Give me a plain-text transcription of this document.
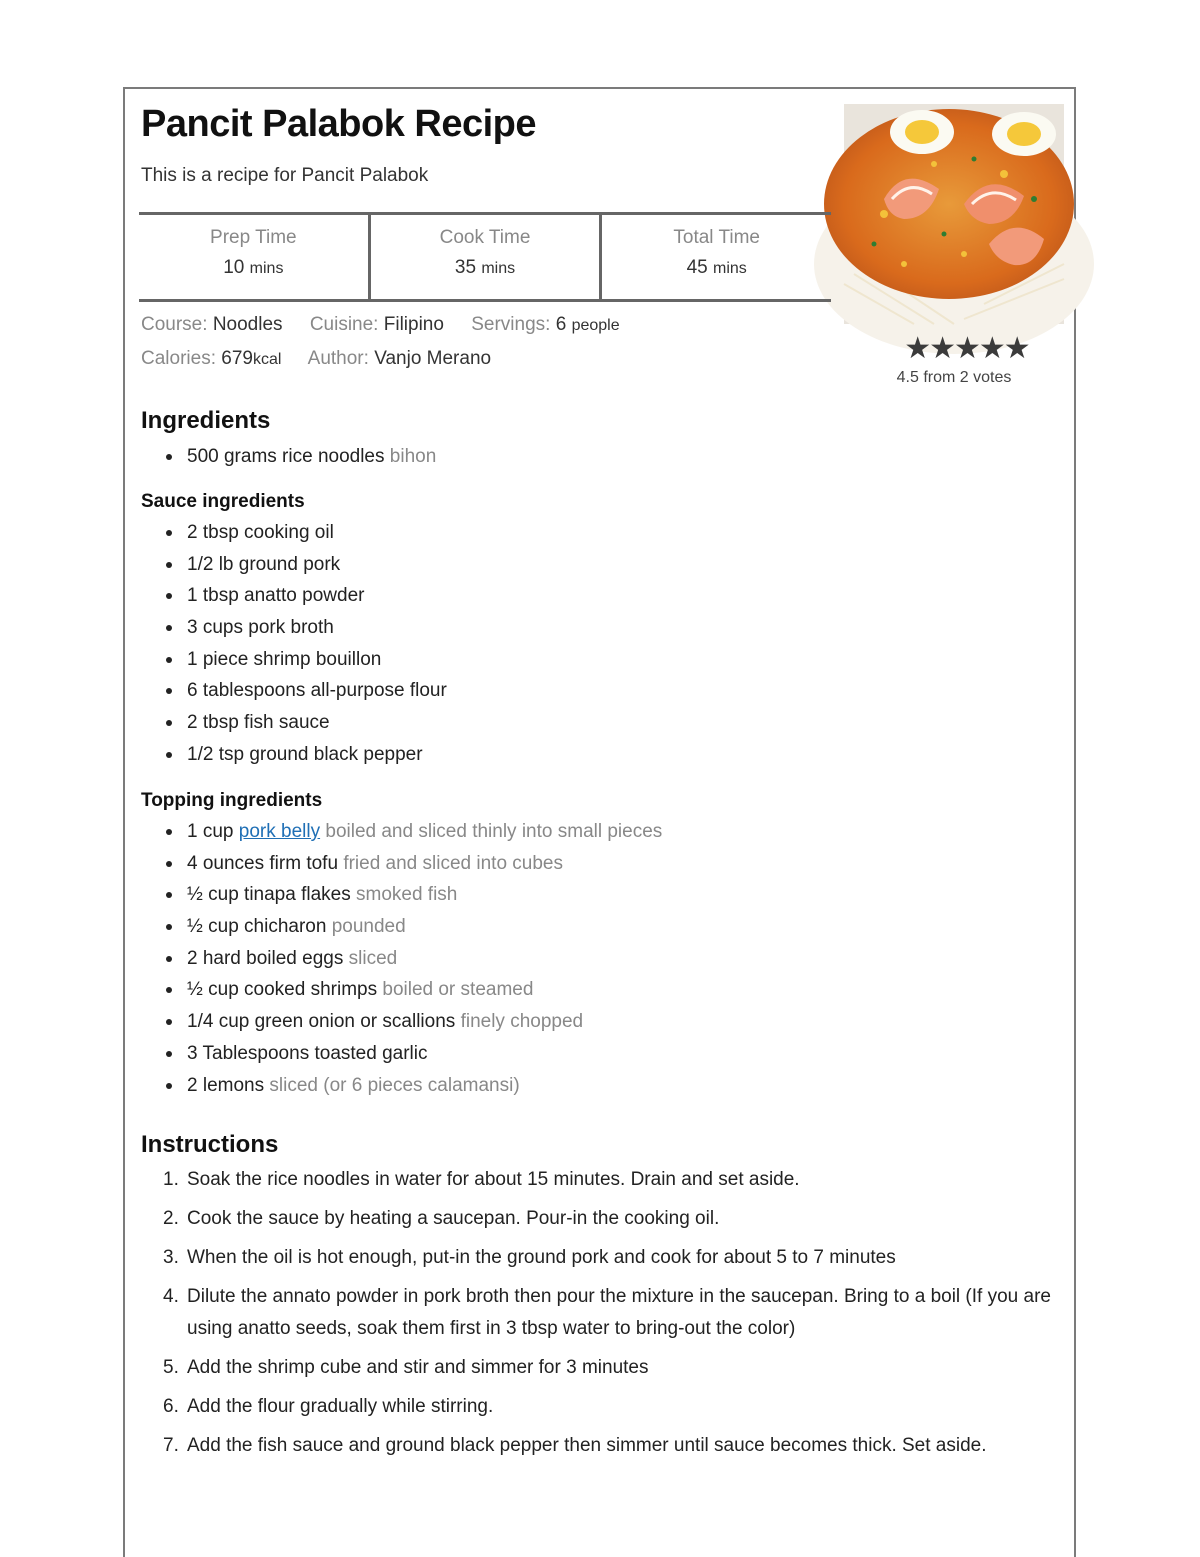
Pancit Palabok Recipe
This is a recipe for Pancit Palabok
★★★★★
4.5 from 2 votes
Prep Time
10 mins
Cook Time
35 mins
Total Time
45 mins
Course: Noodles Cuisine: Filipino Servings: 6 people
Calories: 679kcal Author: Vanjo Merano
Ingredients
500 grams rice noodles bihon
Sauce ingredients
2 tbsp cooking oil
1/2 lb ground pork
1 tbsp anatto powder
3 cups pork broth
1 piece shrimp bouillon
6 tablespoons all-purpose flour
2 tbsp fish sauce
1/2 tsp ground black pepper
Topping ingredients
1 cup pork belly boiled and sliced thinly into small pieces
4 ounces firm tofu fried and sliced into cubes
½ cup tinapa flakes smoked fish
½ cup chicharon pounded
2 hard boiled eggs sliced
½ cup cooked shrimps boiled or steamed
1/4 cup green onion or scallions finely chopped
3 Tablespoons toasted garlic
2 lemons sliced (or 6 pieces calamansi)
Instructions
1. Soak the rice noodles in water for about 15 minutes. Drain and set aside.
2. Cook the sauce by heating a saucepan. Pour-in the cooking oil.
3. When the oil is hot enough, put-in the ground pork and cook for about 5 to 7 minutes
4. Dilute the annato powder in pork broth then pour the mixture in the saucepan. Bring to a boil (If you are using anatto seeds, soak them first in 3 tbsp water to bring-out the color)
5. Add the shrimp cube and stir and simmer for 3 minutes
6. Add the flour gradually while stirring.
7. Add the fish sauce and ground black pepper then simmer until sauce becomes thick. Set aside.
